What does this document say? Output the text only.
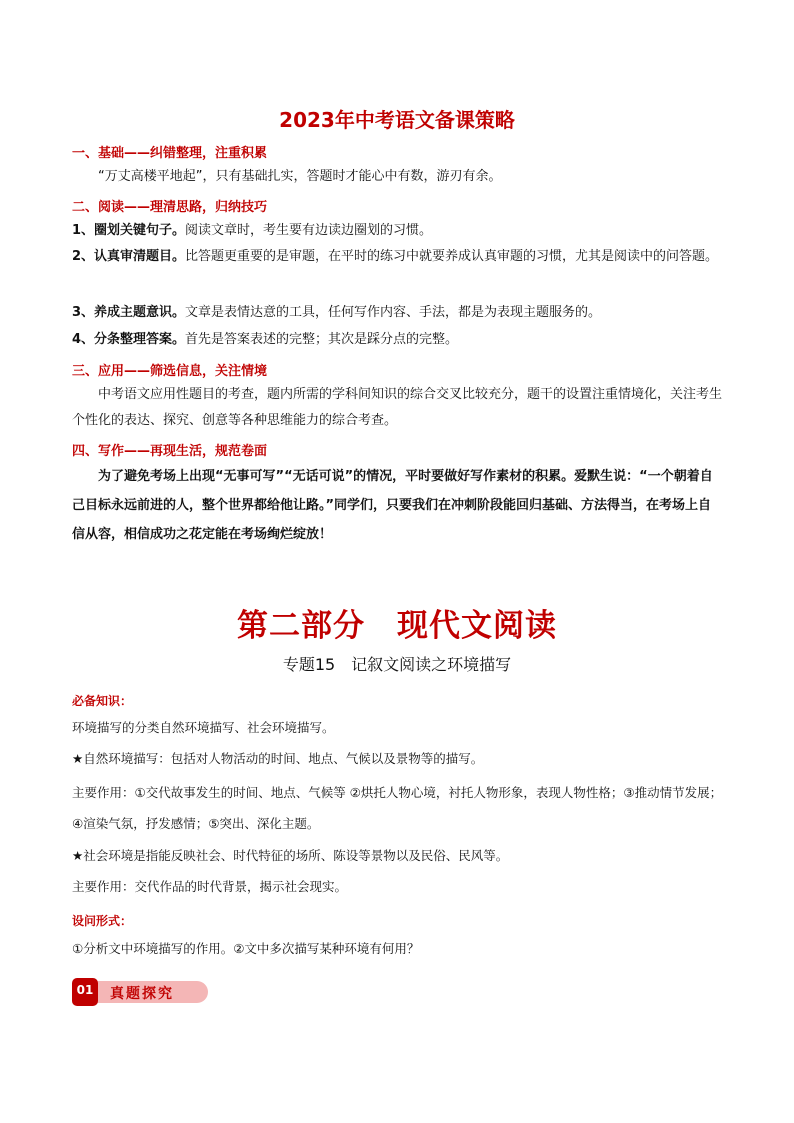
2023年中考语文备课策略
一、基础——纠错整理，注重积累
“万丈高楼平地起”，只有基础扎实，答题时才能心中有数，游刃有余。
二、阅读——理清思路，归纳技巧
1、圈划关键句子。阅读文章时，考生要有边读边圈划的习惯。
2、认真审清题目。比答题更重要的是审题，在平时的练习中就要养成认真审题的习惯，尤其是阅读中的问答题。
3、养成主题意识。文章是表情达意的工具，任何写作内容、手法，都是为表现主题服务的。
4、分条整理答案。首先是答案表述的完整；其次是踩分点的完整。
三、应用——筛选信息，关注情境
中考语文应用性题目的考查，题内所需的学科间知识的综合交叉比较充分，题干的设置注重情境化，关注考生个性化的表达、探究、创意等各种思维能力的综合考查。
四、写作——再现生活，规范卷面
为了避免考场上出现“无事可写”“无话可说”的情况，平时要做好写作素材的积累。爱默生说：“一个朝着自己目标永远前进的人，整个世界都给他让路。”同学们，只要我们在冲刺阶段能回归基础、方法得当，在考场上自信从容，相信成功之花定能在考场绚烂绽放！
第二部分　现代文阅读
专题15　记叙文阅读之环境描写
必备知识：
环境描写的分类自然环境描写、社会环境描写。
★自然环境描写：包括对人物活动的时间、地点、气候以及景物等的描写。
主要作用：①交代故事发生的时间、地点、气候等 ②烘托人物心境，衬托人物形象，表现人物性格；③推动情节发展；④渲染气氛，抒发感情；⑤突出、深化主题。
★社会环境是指能反映社会、时代特征的场所、陈设等景物以及民俗、民风等。
主要作用：交代作品的时代背景，揭示社会现实。
设问形式：
①分析文中环境描写的作用。②文中多次描写某种环境有何用？
01 真题探究
